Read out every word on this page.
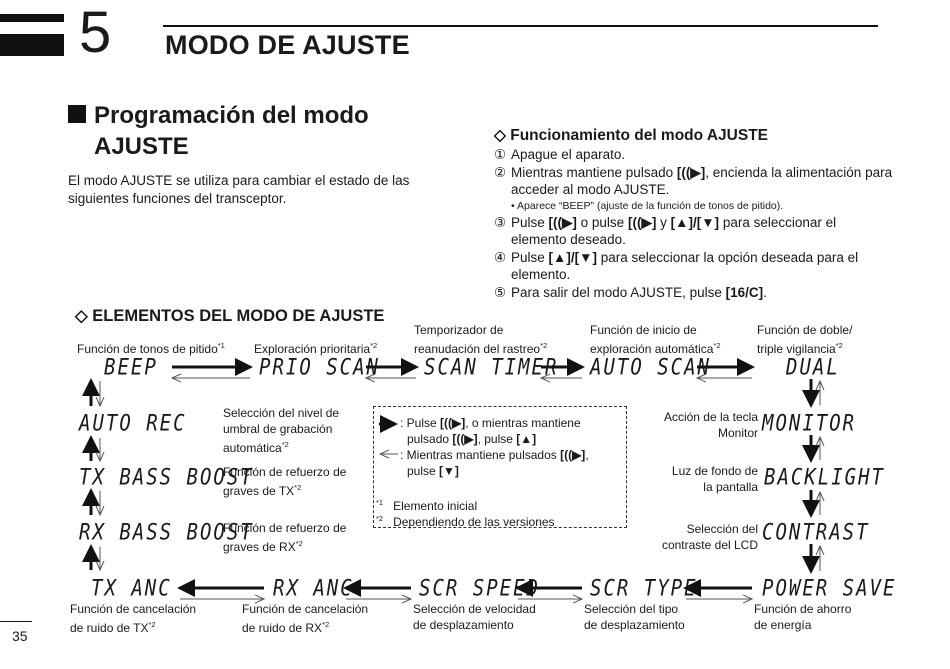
5 MODO DE AJUSTE
Programación del modo
AJUSTE
El modo AJUSTE se utiliza para cambiar el estado de las siguientes funciones del transceptor.
◇ Funcionamiento del modo AJUSTE
① Apague el aparato.
② Mientras mantiene pulsado [((▶], encienda la alimentación para acceder al modo AJUSTE.
• Aparece “BEEP” (ajuste de la función de tonos de pitido).
③ Pulse [((▶] o pulse [((▶] y [▲]/[▼] para seleccionar el elemento deseado.
④ Pulse [▲]/[▼] para seleccionar la opción deseada para el elemento.
⑤ Para salir del modo AJUSTE, pulse [16/C].
◇ ELEMENTOS DEL MODO DE AJUSTE
BEEP	PRIO SCAN SCAN TIMER AUTO SCAN	DUAL
AUTO REC	MONITOR
TX BASS BOOST	BACKLIGHT
RX BASS BOOST	CONTRAST
TX ANC	RX ANC	SCR SPEED	SCR TYPE	POWER SAVE
Función de tonos de pitido$^{*1}$ Exploración prioritaria$^{*2}$
Temporizador de
reanudación del rastreo$^{*2}$
Función de inicio de
exploración automática$^{*2}$
Función de doble/
triple vigilancia$^{*2}$
Selección del nivel de
umbral de grabación
automática$^{*2}$
Acción de la tecla
Monitor
Función de refuerzo de
graves de TX$^{*2}$
Luz de fondo de
la pantalla
Función de refuerzo de
graves de RX$^{*2}$
Selección del
contraste del LCD
Función de cancelación
de ruido de TX$^{*2}$
Función de cancelación
de ruido de RX$^{*2}$
Selección de velocidad
de desplazamiento
Selección del tipo
de desplazamiento
Función de ahorro
de energía
: Pulse [((▶], o mientras mantiene
pulsado [((▶], pulse [▲]
: Mientras mantiene pulsados [((▶],
pulse [▼]
$^{*1}$ Elemento inicial
$^{*2}$ Dependiendo de las versiones
35
